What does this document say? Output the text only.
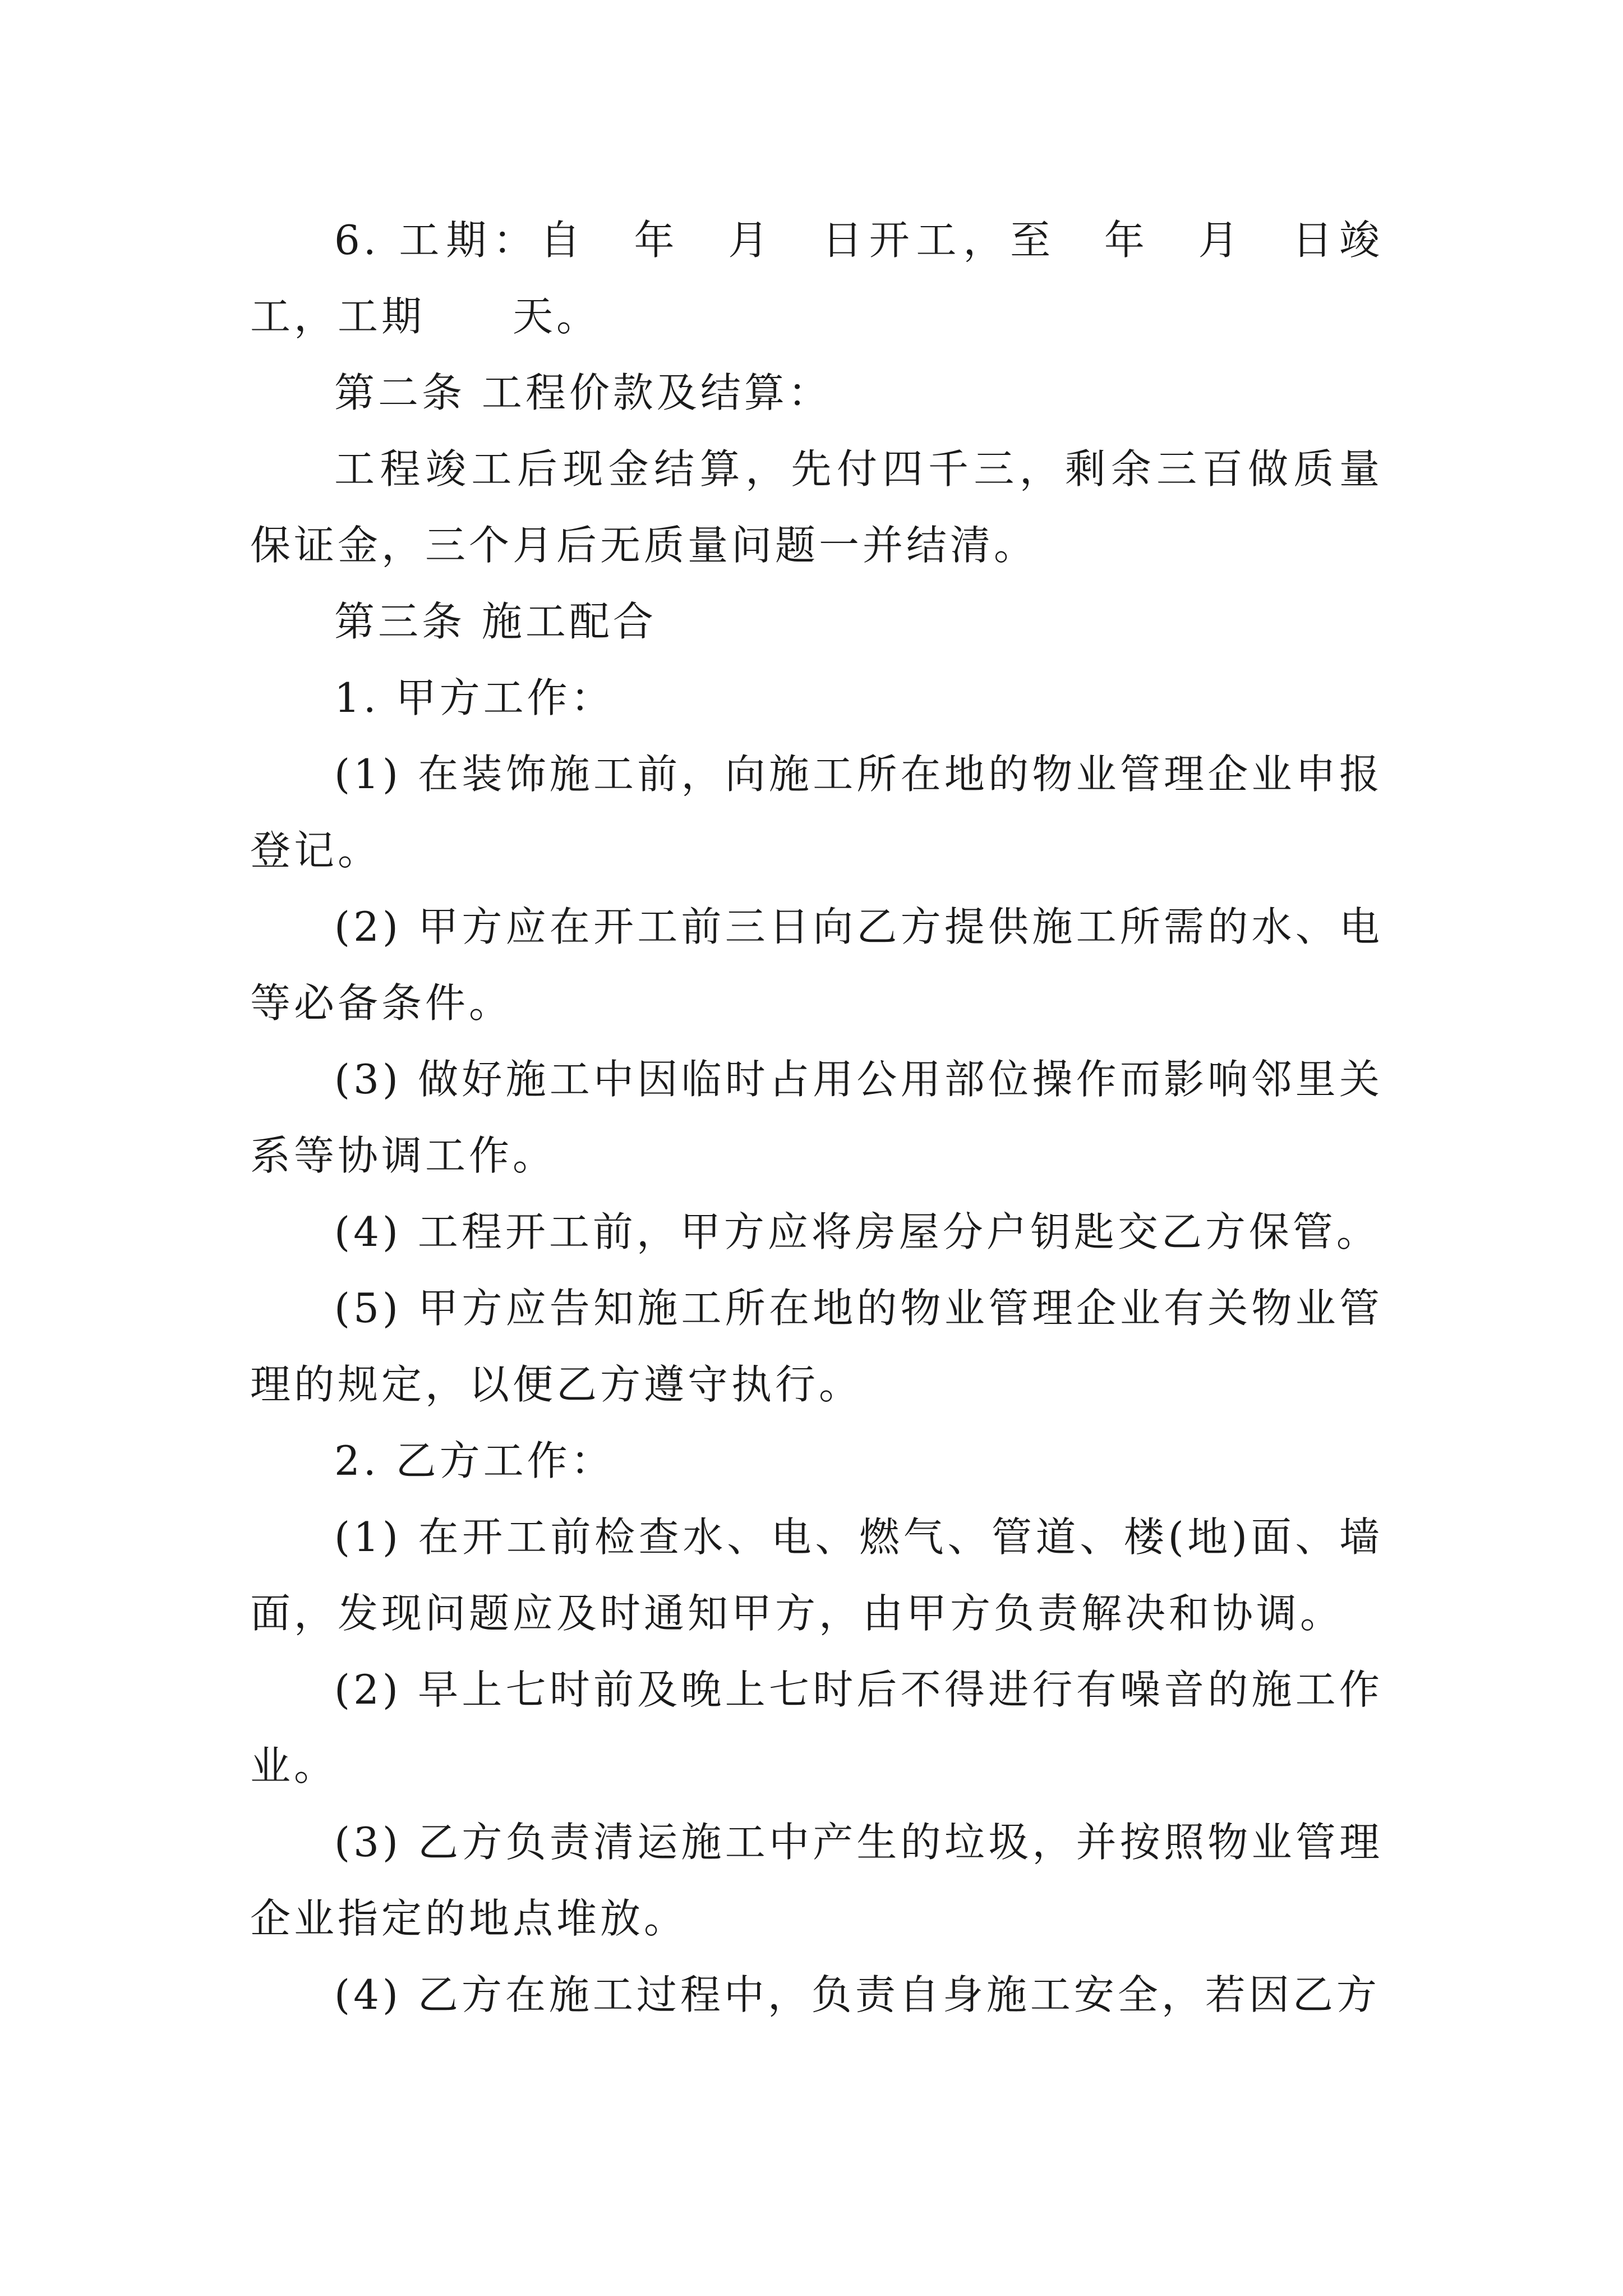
6. 工期：自　年　月　日开工，至　年　月　日竣工，工期　　天。

第二条 工程价款及结算：

工程竣工后现金结算，先付四千三，剩余三百做质量保证金，三个月后无质量问题一并结清。

第三条 施工配合

1. 甲方工作：

(1) 在装饰施工前，向施工所在地的物业管理企业申报登记。

(2) 甲方应在开工前三日向乙方提供施工所需的水、电等必备条件。

(3) 做好施工中因临时占用公用部位操作而影响邻里关系等协调工作。

(4) 工程开工前，甲方应将房屋分户钥匙交乙方保管。

(5) 甲方应告知施工所在地的物业管理企业有关物业管理的规定，以便乙方遵守执行。

2. 乙方工作：

(1) 在开工前检查水、电、燃气、管道、楼(地)面、墙面，发现问题应及时通知甲方，由甲方负责解决和协调。

(2) 早上七时前及晚上七时后不得进行有噪音的施工作业。

(3) 乙方负责清运施工中产生的垃圾，并按照物业管理企业指定的地点堆放。

(4) 乙方在施工过程中，负责自身施工安全，若因乙方
